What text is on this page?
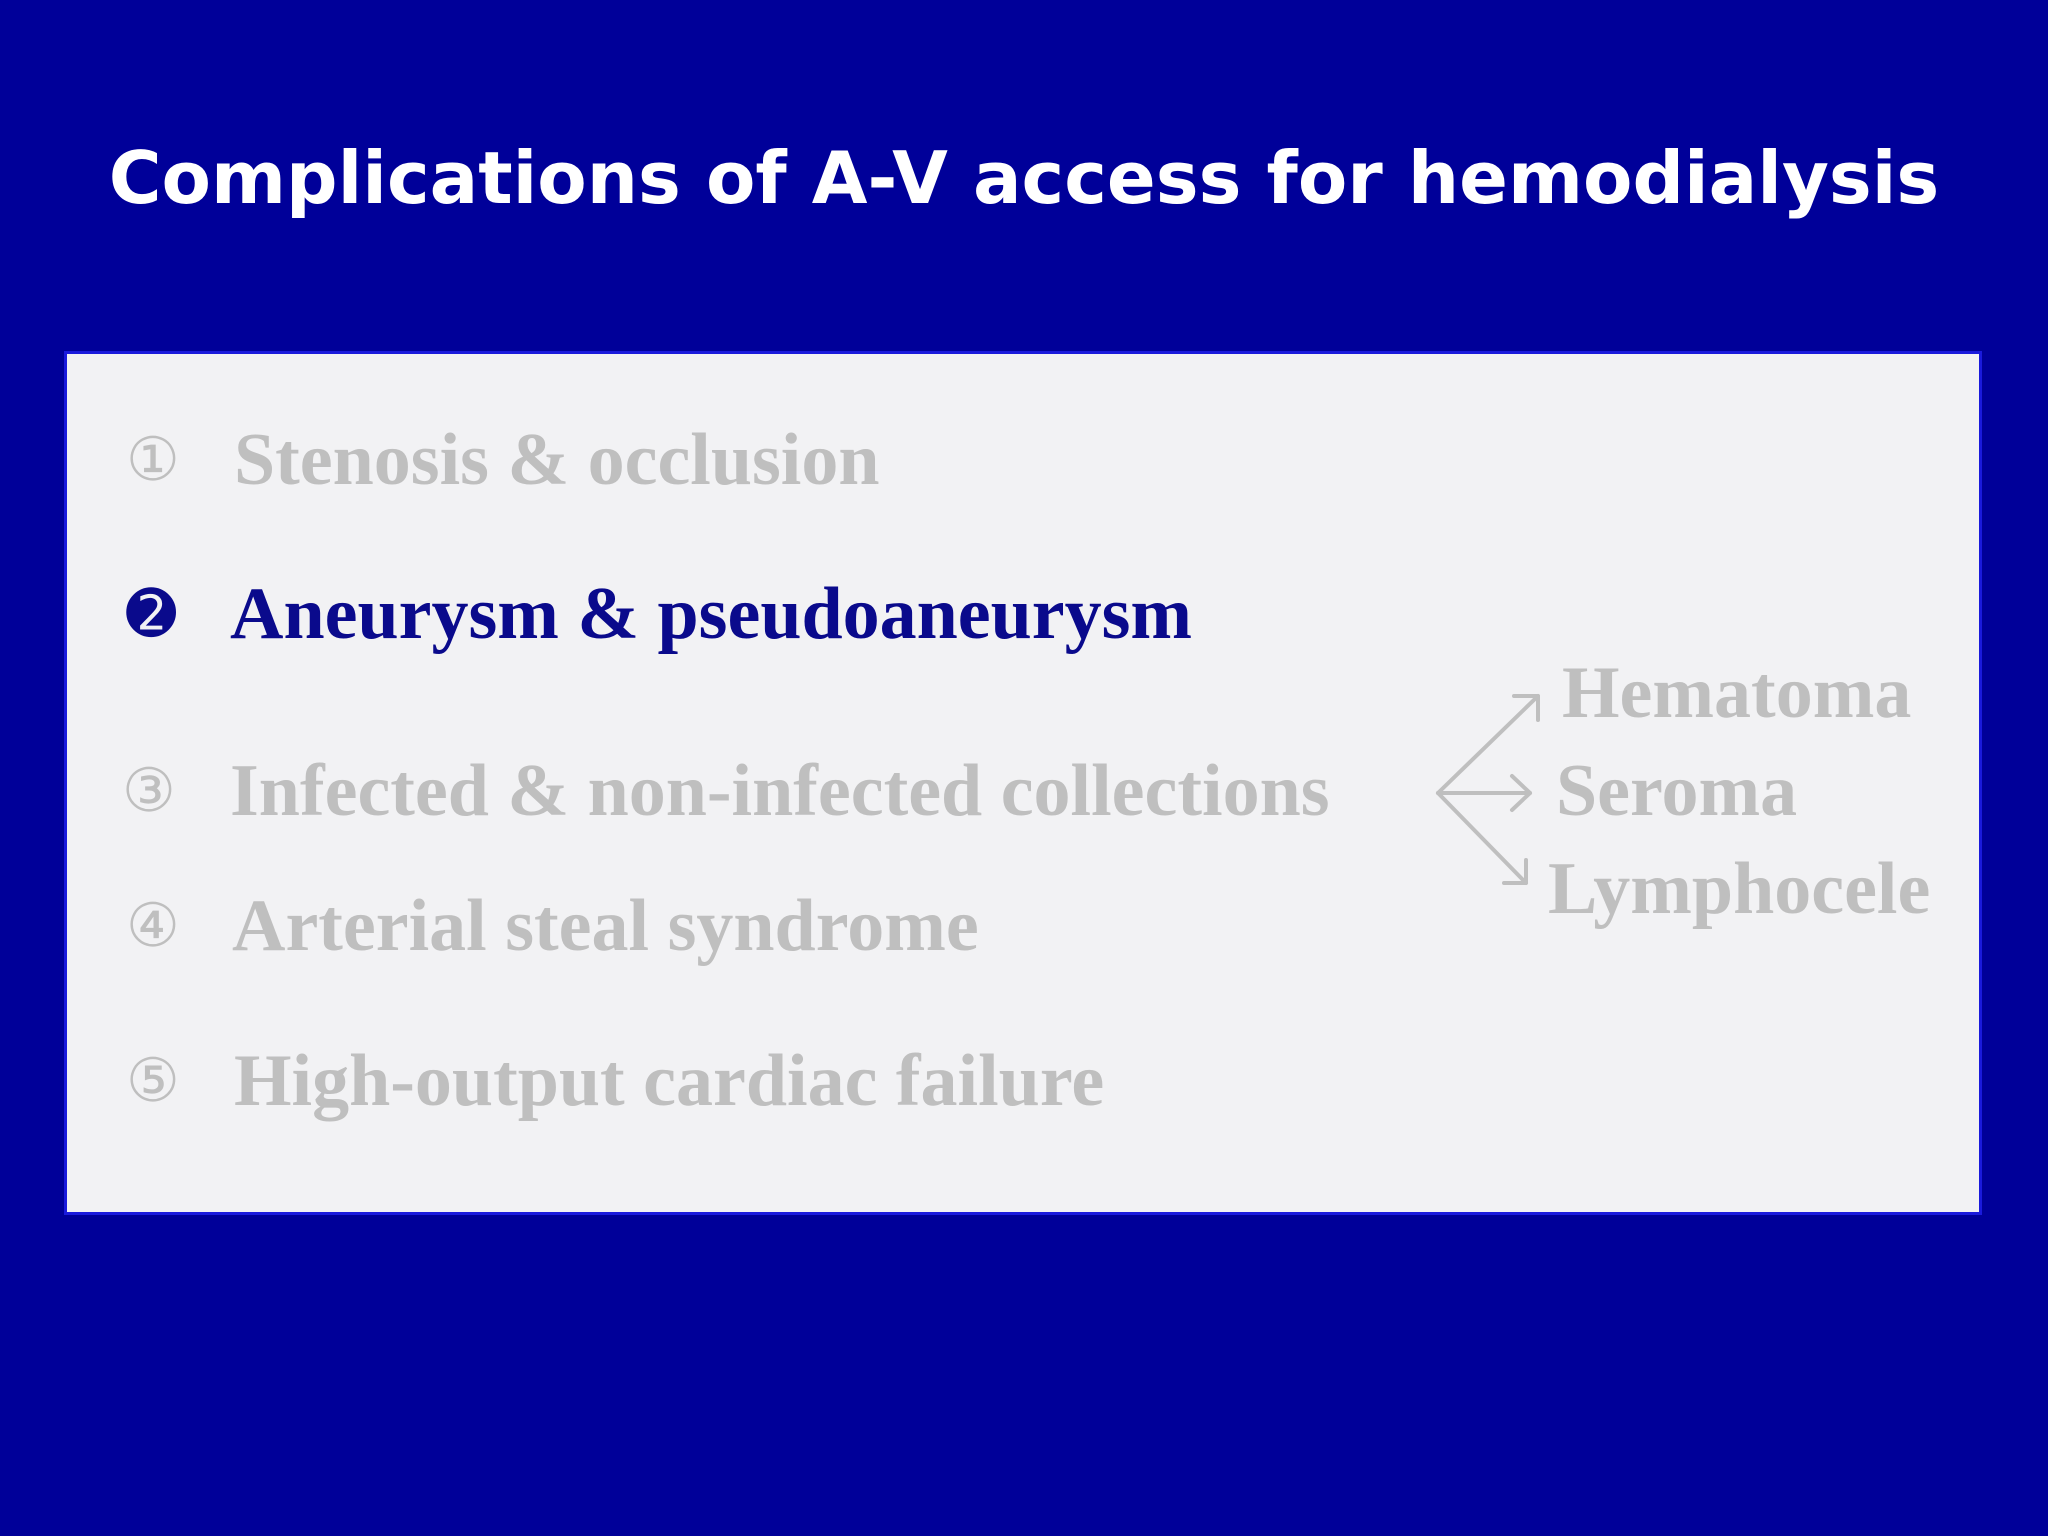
Complications of A-V access for hemodialysis
① Stenosis & occlusion
➋ Aneurysm & pseudoaneurysm
③ Infected & non-infected collections
④ Arterial steal syndrome
⑤ High-output cardiac failure
Hematoma
Seroma
Lymphocele
